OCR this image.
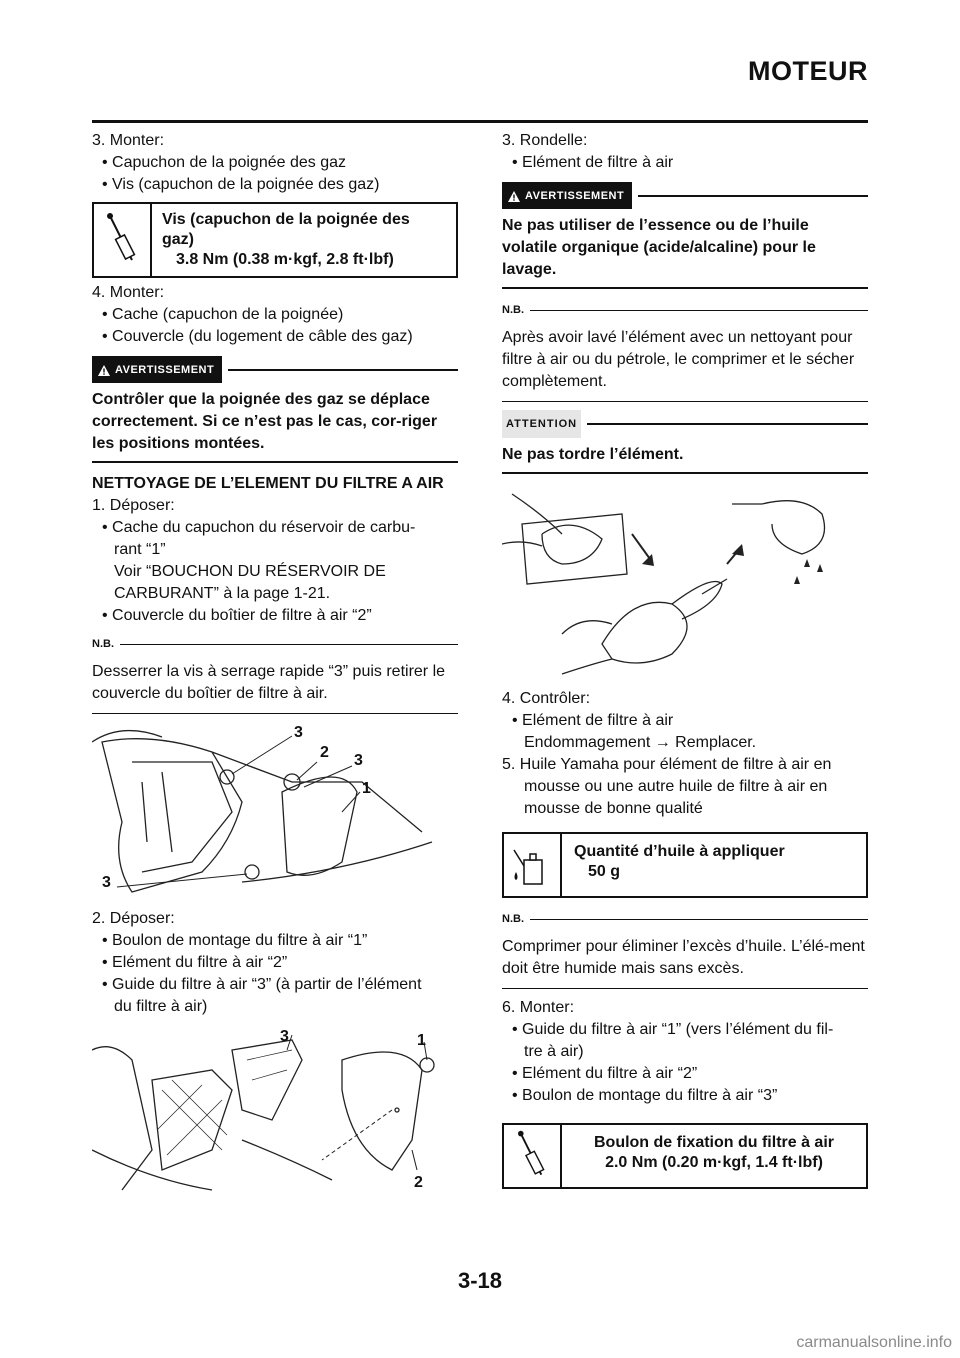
MOTEUR

3. Monter:

• Capuchon de la poignée des gaz

• Vis (capuchon de la poignée des gaz)

Vis (capuchon de la poignée des gaz)
3.8 Nm (0.38 m·kgf, 2.8 ft·lbf)

4. Monter:

• Cache (capuchon de la poignée)

• Couvercle (du logement de câble des gaz)

AVERTISSEMENT
Contrôler que la poignée des gaz se déplace correctement. Si ce n’est pas le cas, cor-riger les positions montées.

NETTOYAGE DE L’ELEMENT DU FILTRE A AIR

1. Déposer:

• Cache du capuchon du réservoir de carbu-

rant “1”

Voir “BOUCHON DU RÉSERVOIR DE

CARBURANT” à la page 1-21.

• Couvercle du boîtier de filtre à air “2”

N.B.
Desserrer la vis à serrage rapide “3” puis retirer le couvercle du boîtier de filtre à air.
3
2 3
1
3

2. Déposer:

• Boulon de montage du filtre à air “1”

• Elément du filtre à air “2”

• Guide du filtre à air “3” (à partir de l’élément

du filtre à air)

3	1
2

3. Rondelle:

• Elément de filtre à air

AVERTISSEMENT
Ne pas utiliser de l’essence ou de l’huile volatile organique (acide/alcaline) pour le lavage.
N.B.
Après avoir lavé l’élément avec un nettoyant pour filtre à air ou du pétrole, le comprimer et le sécher complètement.
ATTENTION
Ne pas tordre l’élément.

4. Contrôler:

• Elément de filtre à air

Endommagement → Remplacer.

5. Huile Yamaha pour élément de filtre à air en

mousse ou une autre huile de filtre à air en

mousse de bonne qualité

Quantité d’huile à appliquer
50 g
N.B.
Comprimer pour éliminer l’excès d’huile. L’élé-ment doit être humide mais sans excès.

6. Monter:

• Guide du filtre à air “1” (vers l’élément du fil-

tre à air)

• Elément du filtre à air “2”

• Boulon de montage du filtre à air “3”

Boulon de fixation du filtre à air
2.0 Nm (0.20 m·kgf, 1.4 ft·lbf)
3-18
carmanualsonline.info
